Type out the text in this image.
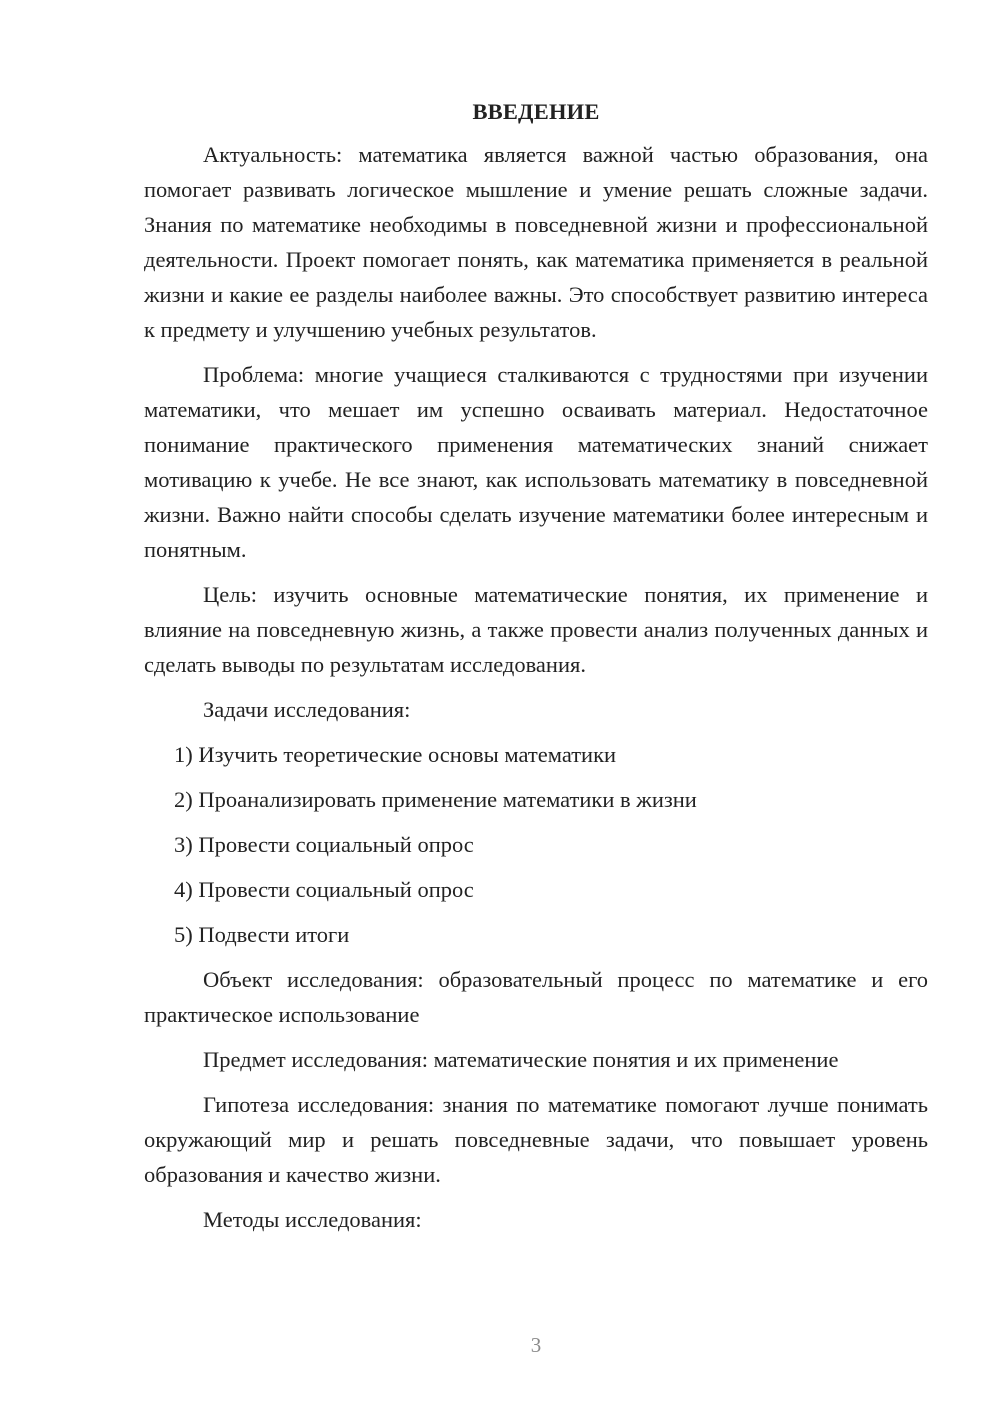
ВВЕДЕНИЕ

Актуальность: математика является важной частью образования, она помогает развивать логическое мышление и умение решать сложные задачи. Знания по математике необходимы в повседневной жизни и профессиональной деятельности. Проект помогает понять, как математика применяется в реальной жизни и какие ее разделы наиболее важны. Это способствует развитию интереса к предмету и улучшению учебных результатов.

Проблема: многие учащиеся сталкиваются с трудностями при изучении математики, что мешает им успешно осваивать материал. Недостаточное понимание практического применения математических знаний снижает мотивацию к учебе. Не все знают, как использовать математику в повседневной жизни. Важно найти способы сделать изучение математики более интересным и понятным.

Цель: изучить основные математические понятия, их применение и влияние на повседневную жизнь, а также провести анализ полученных данных и сделать выводы по результатам исследования.

Задачи исследования:

1) Изучить теоретические основы математики

2) Проанализировать применение математики в жизни

3) Провести социальный опрос

4) Провести социальный опрос

5) Подвести итоги

Объект исследования: образовательный процесс по математике и его практическое использование

Предмет исследования: математические понятия и их применение

Гипотеза исследования: знания по математике помогают лучше понимать окружающий мир и решать повседневные задачи, что повышает уровень образования и качество жизни.

Методы исследования:

3
